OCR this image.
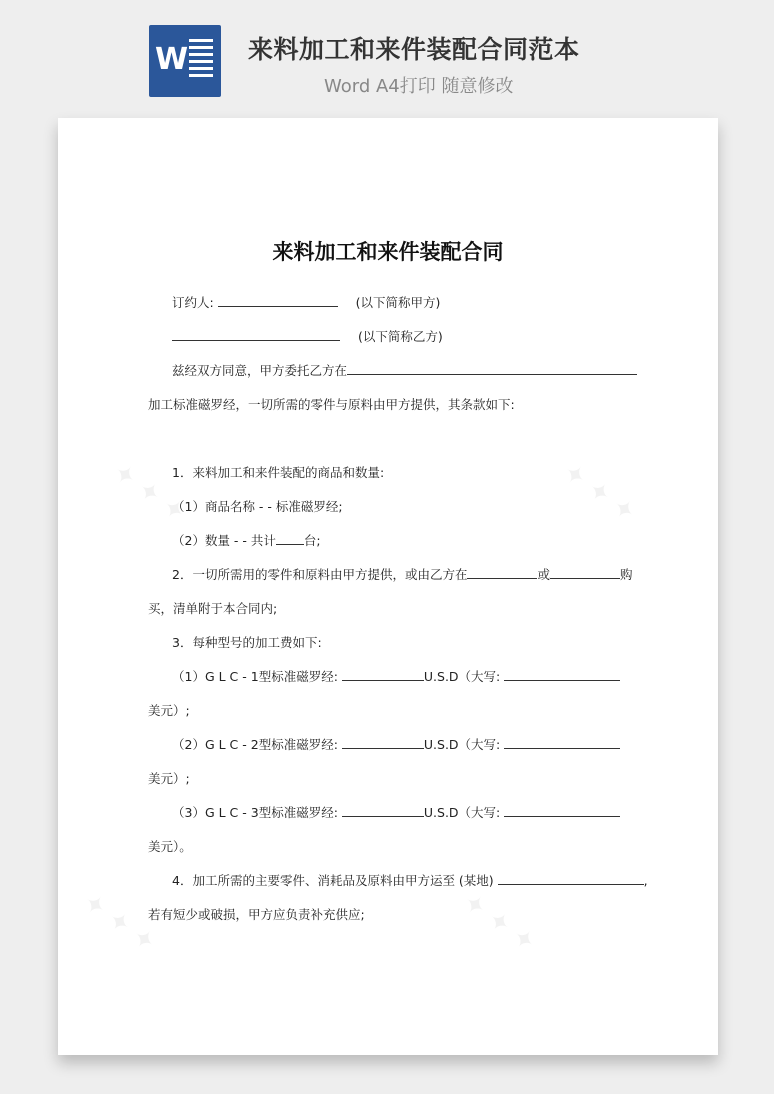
W 来料加工和来件装配合同范本
Word A4打印 随意修改
✦ ✦ ✦	✦ ✦ ✦
✦ ✦ ✦	✦ ✦ ✦
来料加工和来件装配合同
订约人:	(以下简称甲方)
(以下简称乙方)
兹经双方同意，甲方委托乙方在
加工标准磁罗经，一切所需的零件与原料由甲方提供，其条款如下:
1．来料加工和来件装配的商品和数量:
（1）商品名称 - - 标准磁罗经;
（2）数量 - - 共计 台;
2．一切所需用的零件和原料由甲方提供，或由乙方在	或	购
买，清单附于本合同内;
3．每种型号的加工费如下:
（1）G L C - 1型标准磁罗经:	U.S.D（大写:
美元）;
（2）G L C - 2型标准磁罗经:	U.S.D（大写:
美元）;
（3）G L C - 3型标准磁罗经:	U.S.D（大写:
美元）。
4．加工所需的主要零件、消耗品及原料由甲方运至 (某地)	,
若有短少或破损，甲方应负责补充供应;
